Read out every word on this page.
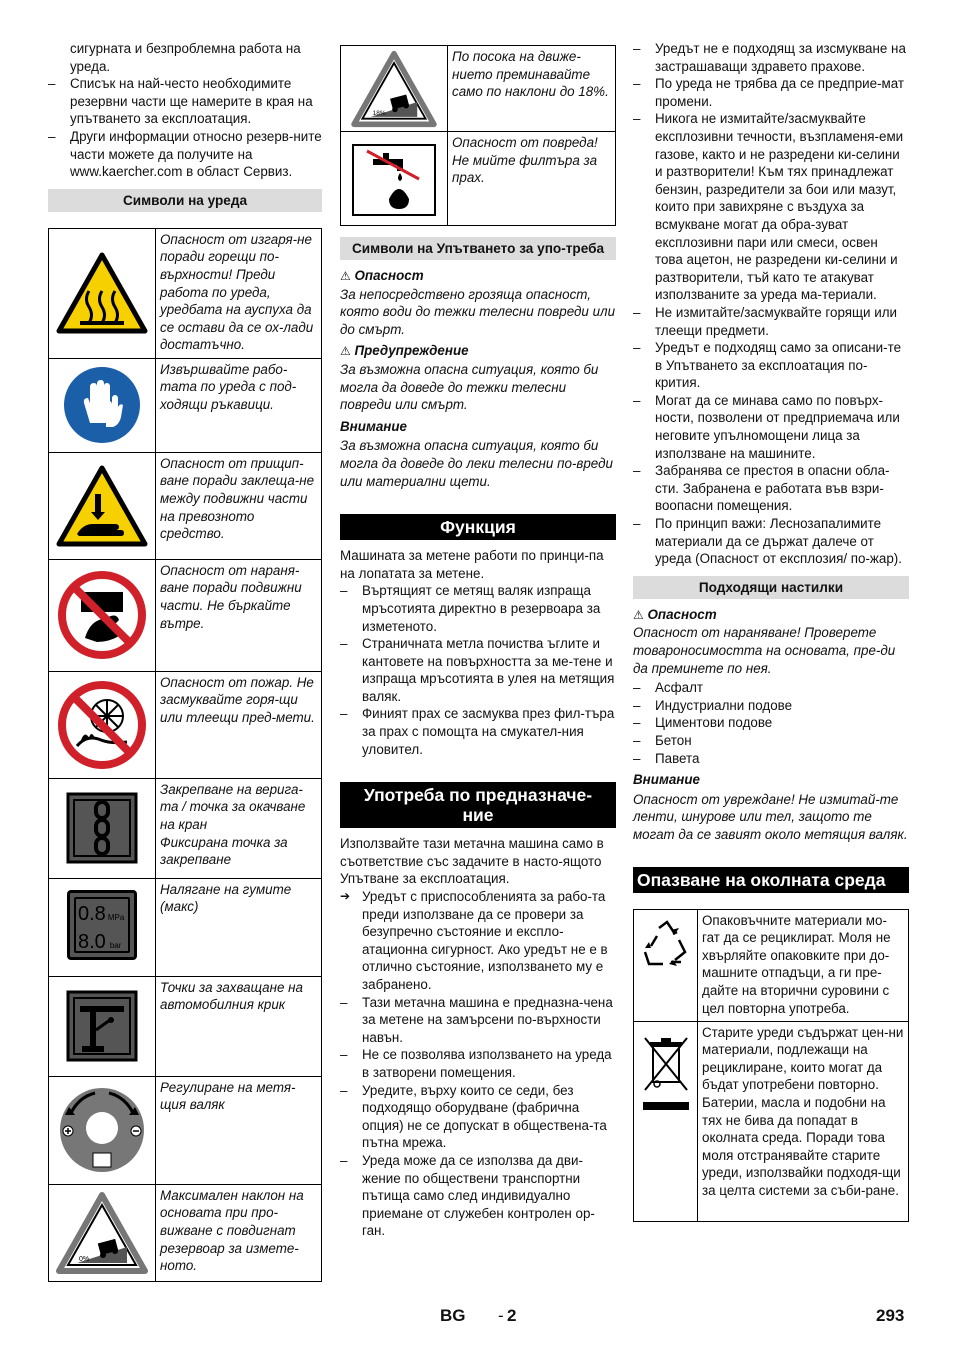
сигурната и безпроблемна работа на уреда.

– Списък на най-често необходимите резервни части ще намерите в края на упътването за експлоатация.
– Други информации относно резерв-ните части можете да получите на www.kaercher.com в област Сервиз.
Символи на уреда
	Опасност от изгаря-не поради горещи по-върхности! Преди работа по уреда, уредбата на ауспуха да се остави да се ох-лади достатъчно.
	Извършвайте рабо-тата по уреда с под-ходящи ръкавици.
	Опасност от прищип-ване поради заклеща-не между подвижни части на превозното средство.
	Опасност от нараня-ване поради подвижни части. Не бъркайте вътре.
	Опасност от пожар. Не засмуквайте горя-щи или тлеещи пред-мети.
	Закрепване на верига-та / точка за окачване на кран
Фиксирана точка за закрепване

0.8 MPa
8.0 bar	Налягане на гумите (макс)
	Точки за захващане на автомобилния крик
	Регулиране на метя-щия валяк

0%	Максимален наклон на основата при про-вижване с повдигнат резервоар за измете-ното.
18%	По посока на движе-нието преминавайте само по наклони до 18%.
	Опасност от повреда! Не мийте филтъра за прах.
Символи на Упътването за упо-треба

⚠ Опасност

За непосредствено грозяща опасност, която води до тежки телесни повреди или до смърт.

⚠ Предупреждение

За възможна опасна ситуация, която би могла да доведе до тежки телесни повреди или смърт.

Внимание

За възможна опасна ситуация, която би могла да доведе до леки телесни по-вреди или материални щети.

Функция

Машината за метене работи по принци-па на лопатата за метене.

– Въртящият се метящ валяк изпраща мръсотията директно в резервоара за изметеното.
– Страничната метла почиства ъглите и кантовете на повърхността за ме-тене и изпраща мръсотията в улея на метящия валяк.
– Финият прах се засмуква през фил-търа за прах с помощта на смукател-ния уловител.
Употреба по предназначе-ние

Използвайте тази метачна машина само в съответствие със задачите в насто-ящото Упътване за експлоатация.

➔ Уредът с приспособленията за рабо-та преди използване да се провери за безупречно състояние и експло-атационна сигурност. Ако уредът не е в отлично състояние, използването му е забранено.
– Тази метачна машина е предназна-чена за метене на замърсени по-върхности навън.
– Не се позволява използването на уреда в затворени помещения.
– Уредите, върху които се седи, без подходящо оборудване (фабрична опция) не се допускат в обществена-та пътна мрежа.
– Уреда може да се използва да дви-жение по обществени транспортни пътища само след индивидуално приемане от служебен контролен ор-ган.
– Уредът не е подходящ за изсмукване на застрашаващи здравето прахове.
– По уреда не трябва да се предприе-мат промени.
– Никога не измитайте/засмуквайте експлозивни течности, възпламеня-еми газове, както и не разредени ки-селини и разтворители! Към тях принадлежат бензин, разредители за бои или мазут, които при завихряне с въздуха за всмукване могат да обра-зуват експлозивни пари или смеси, освен това ацетон, не разредени ки-селини и разтворители, тъй като те атакуват използваните за уреда ма-териали.
– Не измитайте/засмуквайте горящи или тлеещи предмети.
– Уредът е подходящ само за описани-те в Упътването за експлоатация по-крития.
– Могат да се минава само по повърх-ности, позволени от предприемача или неговите упълномощени лица за използване на машините.
– Забранява се престоя в опасни обла-сти. Забранена е работата във взри-воопасни помещения.
– По принцип важи: Леснозапалимите материали да се държат далече от уреда (Опасност от експлозия/ по-жар).
Подходящи настилки

⚠ Опасност

Опасност от нараняване! Проверете товароносимостта на основата, пре-ди да преминете по нея.

– Асфалт
– Индустриални подове
– Циментови подове
– Бетон
– Павета

Внимание

Опасност от увреждане! Не измитай-те ленти, шнурове или тел, защото те могат да се завият около метящия валяк.

Опазване на околната среда
	Опаковъчните материали мо-гат да се рециклират. Моля не хвърляйте опаковките при до-машните отпадъци, а ги пре-дайте на вторични суровини с цел повторна употреба.
	Старите уреди съдържат цен-ни материали, подлежащи на рециклиране, които могат да бъдат употребени повторно. Батерии, масла и подобни на тях не бива да попадат в околната среда. Поради това моля отстранявайте старите уреди, използвайки подходя-щи за целта системи за съби-ране.
BG - 2	293
